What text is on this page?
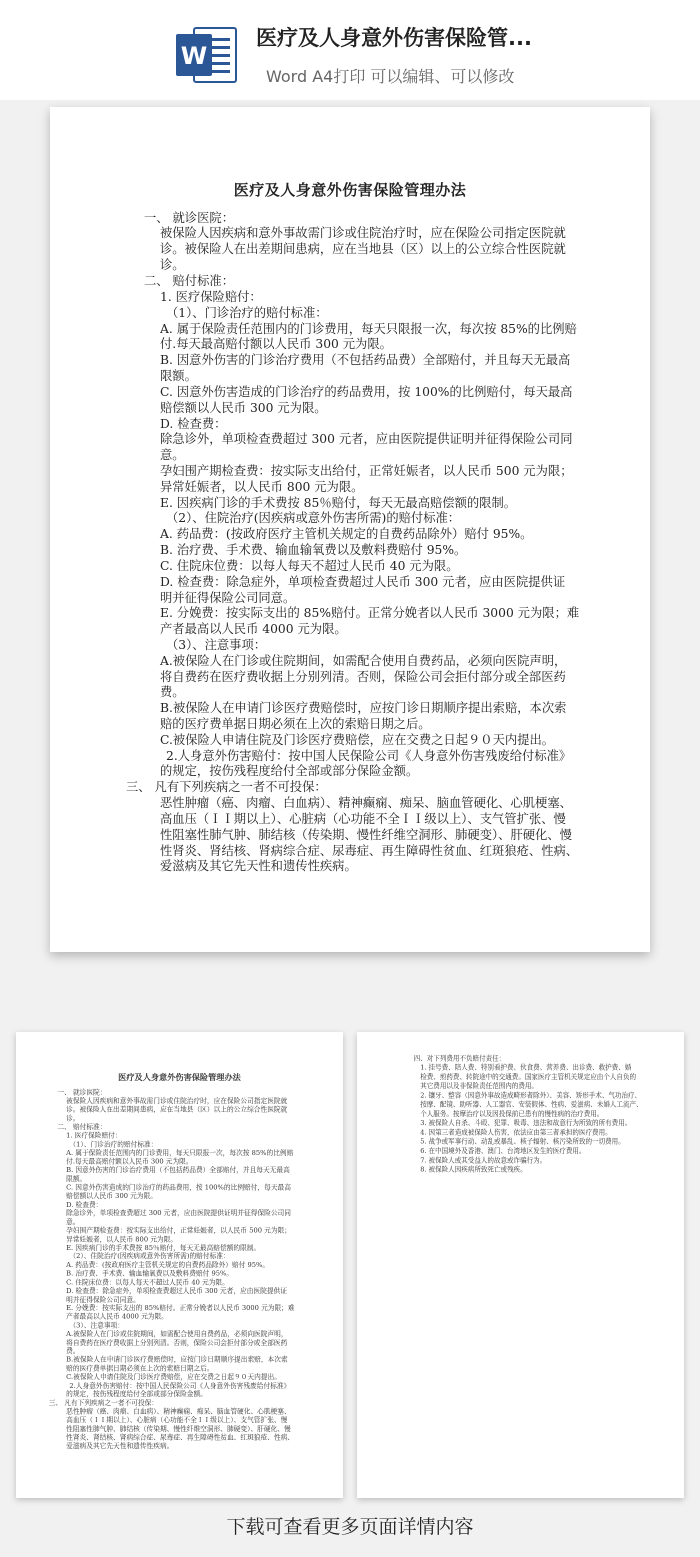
W
医疗及人身意外伤害保险管...
Word A4打印 可以编辑、可以修改
医疗及人身意外伤害保险管理办法
一、 就诊医院：
被保险人因疾病和意外事故需门诊或住院治疗时，应在保险公司指定医院就
诊。被保险人在出差期间患病，应在当地县（区）以上的公立综合性医院就
诊。
二、 赔付标准：
1. 医疗保险赔付：
（1）、门诊治疗的赔付标准：
A. 属于保险责任范围内的门诊费用，每天只限报一次，每次按 85%的比例赔
付.每天最高赔付额以人民币 300 元为限。
B. 因意外伤害的门诊治疗费用（不包括药品费）全部赔付，并且每天无最高
限额。
C. 因意外伤害造成的门诊治疗的药品费用，按 100%的比例赔付，每天最高
赔偿额以人民币 300 元为限。
D. 检查费：
除急诊外，单项检查费超过 300 元者，应由医院提供证明并征得保险公司同
意。
孕妇围产期检查费：按实际支出给付，正常妊娠者，以人民币 500 元为限；
异常妊娠者，以人民币 800 元为限。
E. 因疾病门诊的手术费按 85％赔付，每天无最高赔偿额的限制。
（2）、住院治疗(因疾病或意外伤害所需)的赔付标准：
A. 药品费：(按政府医疗主管机关规定的自费药品除外）赔付 95%。
B. 治疗费、手术费、输血输氧费以及敷料费赔付 95%。
C. 住院床位费：以每人每天不超过人民币 40 元为限。
D. 检查费：除急症外，单项检查费超过人民币 300 元者，应由医院提供证
明并征得保险公司同意。
E. 分娩费：按实际支出的 85%赔付。正常分娩者以人民币 3000 元为限；难
产者最高以人民币 4000 元为限。
（3）、注意事项：
A.被保险人在门诊或住院期间，如需配合使用自费药品，必须向医院声明，
将自费药在医疗费收据上分别列清。否则，保险公司会拒付部分或全部医药
费。
B.被保险人在申请门诊医疗费赔偿时，应按门诊日期顺序提出索赔，本次索
赔的医疗费单据日期必须在上次的索赔日期之后。
C.被保险人申请住院及门诊医疗费赔偿，应在交费之日起９０天内提出。
2.人身意外伤害赔付：按中国人民保险公司《人身意外伤害残废给付标准》
的规定，按伤残程度给付全部或部分保险金额。
三、 凡有下列疾病之一者不可投保：
恶性肿瘤（癌、肉瘤、白血病）、精神癫痫、痴呆、脑血管硬化、心肌梗塞、
高血压（ＩＩ期以上）、心脏病（心功能不全ＩＩ级以上）、支气管扩张、慢
性阻塞性肺气肿、肺结核（传染期、慢性纤维空洞形、肺硬变）、肝硬化、慢
性肾炎、肾结核、肾病综合症、尿毒症、再生障碍性贫血、红斑狼疮、性病、
爱滋病及其它先天性和遗传性疾病。
医疗及人身意外伤害保险管理办法
一、 就诊医院：
被保险人因疾病和意外事故需门诊或住院治疗时，应在保险公司指定医院就
诊。被保险人在出差期间患病，应在当地县（区）以上的公立综合性医院就
诊。
二、 赔付标准：
1. 医疗保险赔付：
（1）、门诊治疗的赔付标准：
A. 属于保险责任范围内的门诊费用，每天只限报一次，每次按 85%的比例赔
付.每天最高赔付额以人民币 300 元为限。
B. 因意外伤害的门诊治疗费用（不包括药品费）全部赔付，并且每天无最高
限额。
C. 因意外伤害造成的门诊治疗的药品费用，按 100%的比例赔付，每天最高
赔偿额以人民币 300 元为限。
D. 检查费：
除急诊外，单项检查费超过 300 元者，应由医院提供证明并征得保险公司同
意。
孕妇围产期检查费：按实际支出给付，正常妊娠者，以人民币 500 元为限；
异常妊娠者，以人民币 800 元为限。
E. 因疾病门诊的手术费按 85％赔付，每天无最高赔偿额的限制。
（2）、住院治疗(因疾病或意外伤害所需)的赔付标准：
A. 药品费：(按政府医疗主管机关规定的自费药品除外）赔付 95%。
B. 治疗费、手术费、输血输氧费以及敷料费赔付 95%。
C. 住院床位费：以每人每天不超过人民币 40 元为限。
D. 检查费：除急症外，单项检查费超过人民币 300 元者，应由医院提供证
明并征得保险公司同意。
E. 分娩费：按实际支出的 85%赔付。正常分娩者以人民币 3000 元为限；难
产者最高以人民币 4000 元为限。
（3）、注意事项：
A.被保险人在门诊或住院期间，如需配合使用自费药品，必须向医院声明，
将自费药在医疗费收据上分别列清。否则，保险公司会拒付部分或全部医药
费。
B.被保险人在申请门诊医疗费赔偿时，应按门诊日期顺序提出索赔，本次索
赔的医疗费单据日期必须在上次的索赔日期之后。
C.被保险人申请住院及门诊医疗费赔偿，应在交费之日起９０天内提出。
2.人身意外伤害赔付：按中国人民保险公司《人身意外伤害残废给付标准》
的规定，按伤残程度给付全部或部分保险金额。
三、 凡有下列疾病之一者不可投保：
恶性肿瘤（癌、肉瘤、白血病）、精神癫痫、痴呆、脑血管硬化、心肌梗塞、
高血压（ＩＩ期以上）、心脏病（心功能不全ＩＩ级以上）、支气管扩张、慢
性阻塞性肺气肿、肺结核（传染期、慢性纤维空洞形、肺硬变）、肝硬化、慢
性肾炎、肾结核、肾病综合症、尿毒症、再生障碍性贫血、红斑狼疮、性病、
爱滋病及其它先天性和遗传性疾病。
四、对下列费用不负赔付责任：
1. 挂号费、陪人费、特别看护费、伙食费、营养费、出诊费、救护费、婚
检费、煎药费、转院途中的交通费。国家医疗主管机关规定应由个人自负的
其它费用以及非保险责任范围内的费用。
2. 镶牙、整容（因意外事故造成畸形者除外）、美容、矫形手术、气功治疗、
按摩、配镜、助听器、人工器官、安装假体、性病、爱滋病、未婚人工流产、
个人服务。按摩治疗以及因投保前已患有的慢性病的治疗费用。
3. 被保险人自杀、斗殴、犯罪、吸毒、违法和故意行为所致的所有费用。
4. 因第三者造成被保险人伤害，依法应由第三者承担的医疗费用。
5. 战争或军事行动、动乱或暴乱、核子辐射、核污染所致的一切费用。
6. 在中国境外及香港、澳门、台湾地区发生的医疗费用。
7. 被保险人或其受益人的故意或诈骗行为。
8. 被保险人因疾病所致死亡或残疾。
下载可查看更多页面详情内容
